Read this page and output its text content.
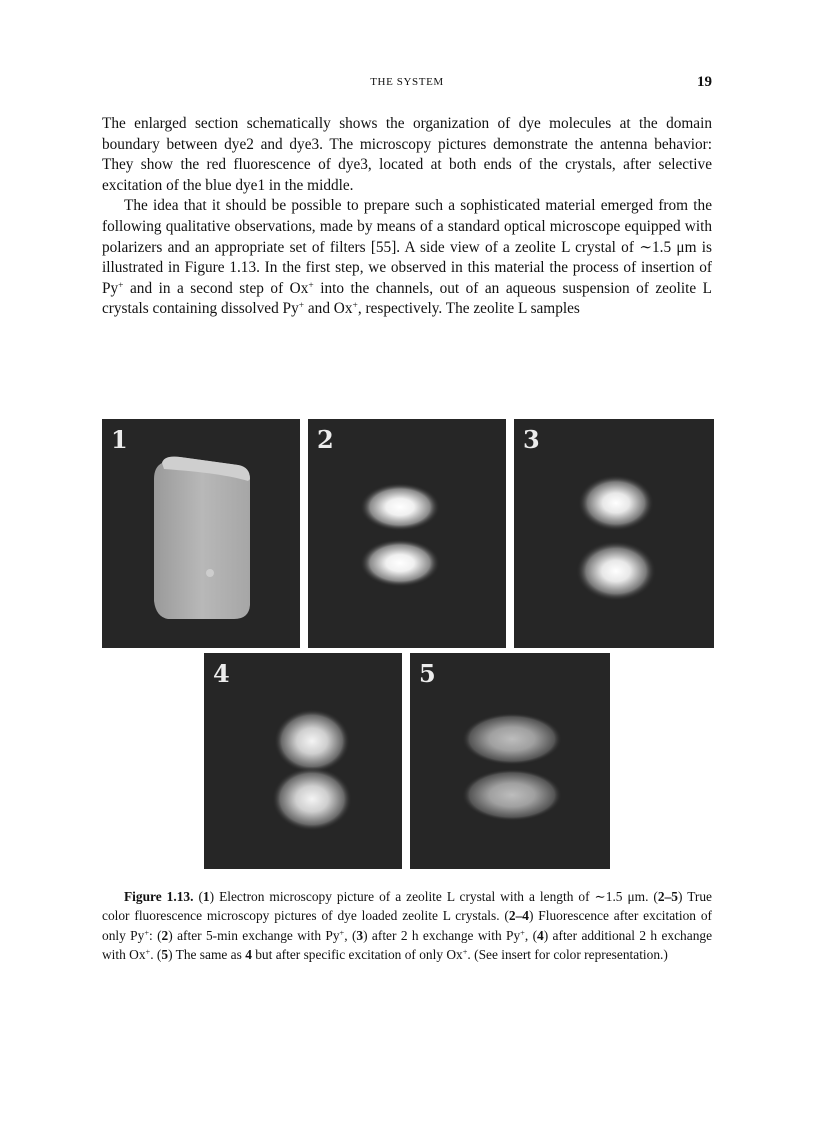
THE SYSTEM	19

The enlarged section schematically shows the organization of dye molecules at the domain boundary between dye2 and dye3. The microscopy pictures demonstrate the antenna behavior: They show the red fluorescence of dye3, located at both ends of the crystals, after selective excitation of the blue dye1 in the middle.

The idea that it should be possible to prepare such a sophisticated material emerged from the following qualitative observations, made by means of a standard optical microscope equipped with polarizers and an appropriate set of filters [55]. A side view of a zeolite L crystal of ∼1.5 μm is illustrated in Figure 1.13. In the first step, we observed in this material the process of insertion of Py+ and in a second step of Ox+ into the channels, out of an aqueous suspension of zeolite L crystals containing dissolved Py+ and Ox+, respectively. The zeolite L samples

1	2	3
4	5

Figure 1.13. (1) Electron microscopy picture of a zeolite L crystal with a length of ∼1.5 μm. (2–5) True color fluorescence microscopy pictures of dye loaded zeolite L crystals. (2–4) Fluorescence after excitation of only Py+: (2) after 5-min exchange with Py+, (3) after 2 h exchange with Py+, (4) after additional 2 h exchange with Ox+. (5) The same as 4 but after specific excitation of only Ox+. (See insert for color representation.)
